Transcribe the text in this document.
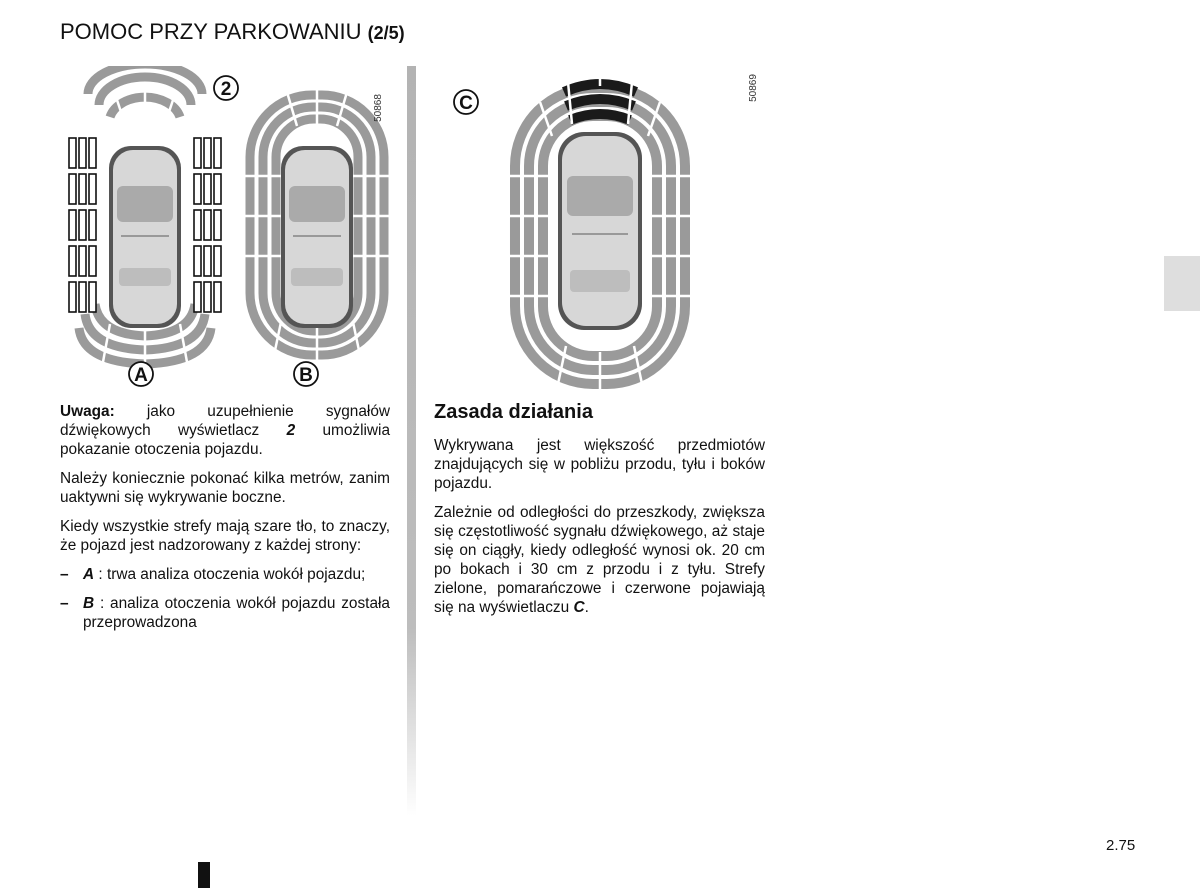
POMOC PRZY PARKOWANIU (2/5)
2
50868
A	B
C
50869

Uwaga: jako uzupełnienie sygnałów dźwiękowych wyświetlacz 2 umożliwia pokazanie otoczenia pojazdu.

Należy koniecznie pokonać kilka metrów, zanim uaktywni się wykrywanie boczne.

Kiedy wszystkie strefy mają szare tło, to znaczy, że pojazd jest nadzorowany z każdej strony:

– A : trwa analiza otoczenia wokół pojazdu;
– B : analiza otoczenia wokół pojazdu została przeprowadzona
Zasada działania

Wykrywana jest większość przedmiotów znajdujących się w pobliżu przodu, tyłu i boków pojazdu.

Zależnie od odległości do przeszkody, zwiększa się częstotliwość sygnału dźwiękowego, aż staje się on ciągły, kiedy odległość wynosi ok. 20 cm po bokach i 30 cm z przodu i z tyłu. Strefy zielone, pomarańczowe i czerwone pojawiają się na wyświetlaczu C.

2.75
